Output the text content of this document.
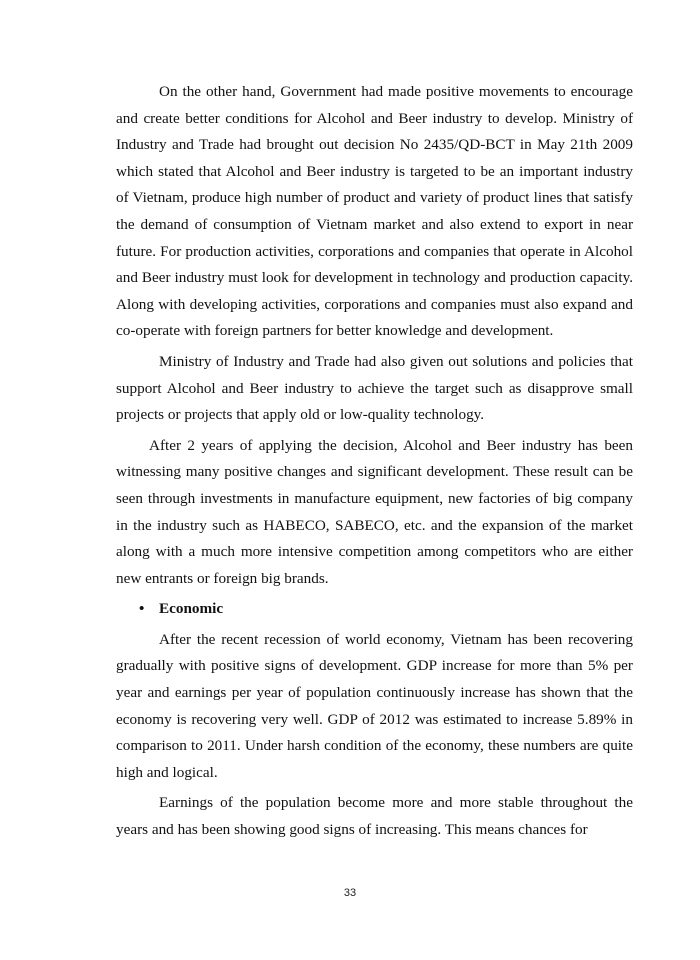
On the other hand, Government had made positive movements to encourage and create better conditions for Alcohol and Beer industry to develop. Ministry of Industry and Trade had brought out decision No 2435/QD-BCT in May 21th 2009 which stated that Alcohol and Beer industry is targeted to be an important industry of Vietnam, produce high number of product and variety of product lines that satisfy the demand of consumption of Vietnam market and also extend to export in near future. For production activities, corporations and companies that operate in Alcohol and Beer industry must look for development in technology and production capacity. Along with developing activities, corporations and companies must also expand and co-operate with foreign partners for better knowledge and development.

Ministry of Industry and Trade had also given out solutions and policies that support Alcohol and Beer industry to achieve the target such as disapprove small projects or projects that apply old or low-quality technology.

After 2 years of applying the decision, Alcohol and Beer industry has been witnessing many positive changes and significant development. These result can be seen through investments in manufacture equipment, new factories of big company in the industry such as HABECO, SABECO, etc. and the expansion of the market along with a much more intensive competition among competitors who are either new entrants or foreign big brands.

• Economic

After the recent recession of world economy, Vietnam has been recovering gradually with positive signs of development. GDP increase for more than 5% per year and earnings per year of population continuously increase has shown that the economy is recovering very well. GDP of 2012 was estimated to increase 5.89% in comparison to 2011. Under harsh condition of the economy, these numbers are quite high and logical.

Earnings of the population become more and more stable throughout the years and has been showing good signs of increasing. This means chances for

33
